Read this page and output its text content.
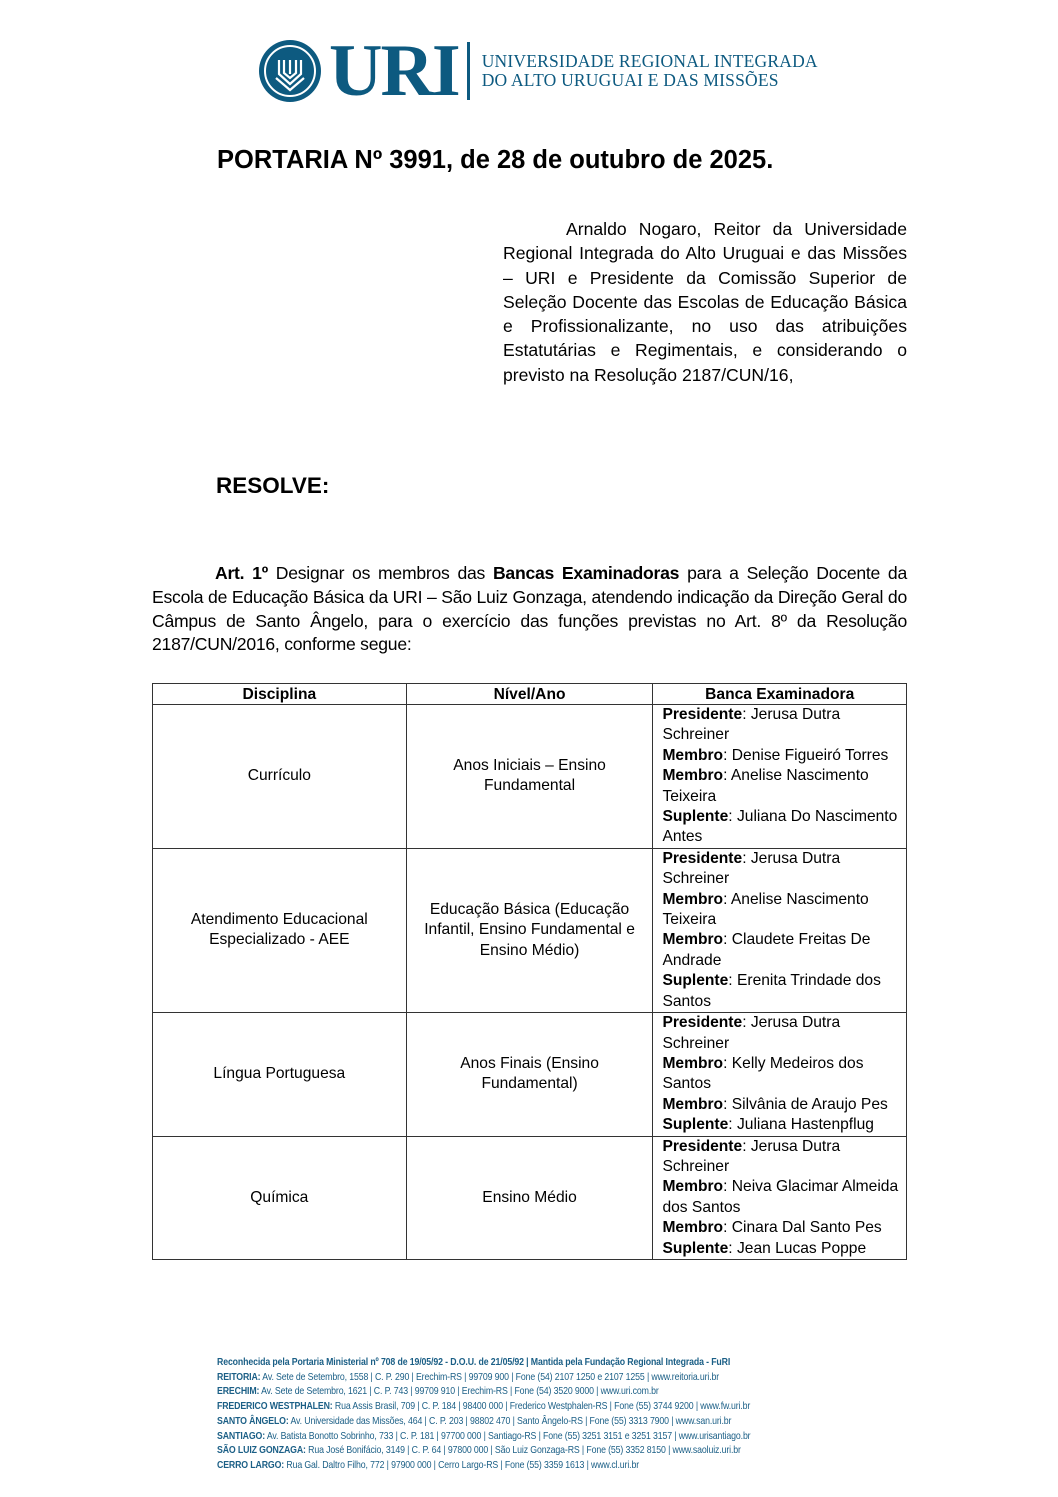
URI UNIVERSIDADE REGIONAL INTEGRADA
DO ALTO URUGUAI E DAS MISSÕES
PORTARIA Nº 3991, de 28 de outubro de 2025.
Arnaldo Nogaro, Reitor da Universidade Regional Integrada do Alto Uruguai e das Missões – URI e Presidente da Comissão Superior de Seleção Docente das Escolas de Educação Básica e Profissionalizante, no uso das atribuições Estatutárias e Regimentais, e considerando o previsto na Resolução 2187/CUN/16,
RESOLVE:
Art. 1º Designar os membros das Bancas Examinadoras para a Seleção Docente da Escola de Educação Básica da URI – São Luiz Gonzaga, atendendo indicação da Direção Geral do Câmpus de Santo Ângelo, para o exercício das funções previstas no Art. 8º da Resolução 2187/CUN/2016, conforme segue:
Disciplina	Nível/Ano	Banca Examinadora
Currículo	Anos Iniciais – Ensino Fundamental	Presidente: Jerusa Dutra Schreiner
Membro: Denise Figueiró Torres
Membro: Anelise Nascimento Teixeira
Suplente: Juliana Do Nascimento Antes

Atendimento Educacional Especializado - AEE	Educação Básica (Educação Infantil, Ensino Fundamental e Ensino Médio)	Presidente: Jerusa Dutra Schreiner
Membro: Anelise Nascimento Teixeira
Membro: Claudete Freitas De Andrade
Suplente: Erenita Trindade dos Santos

Língua Portuguesa	Anos Finais (Ensino Fundamental)	Presidente: Jerusa Dutra Schreiner
Membro: Kelly Medeiros dos Santos
Membro: Silvânia de Araujo Pes
Suplente: Juliana Hastenpflug

Química	Ensino Médio	Presidente: Jerusa Dutra Schreiner
Membro: Neiva Glacimar Almeida dos Santos
Membro: Cinara Dal Santo Pes
Suplente: Jean Lucas Poppe
Reconhecida pela Portaria Ministerial nº 708 de 19/05/92 - D.O.U. de 21/05/92 | Mantida pela Fundação Regional Integrada - FuRI
REITORIA: Av. Sete de Setembro, 1558 | C. P. 290 | Erechim-RS | 99709 900 | Fone (54) 2107 1250 e 2107 1255 | www.reitoria.uri.br
ERECHIM: Av. Sete de Setembro, 1621 | C. P. 743 | 99709 910 | Erechim-RS | Fone (54) 3520 9000 | www.uri.com.br
FREDERICO WESTPHALEN: Rua Assis Brasil, 709 | C. P. 184 | 98400 000 | Frederico Westphalen-RS | Fone (55) 3744 9200 | www.fw.uri.br
SANTO ÂNGELO: Av. Universidade das Missões, 464 | C. P. 203 | 98802 470 | Santo Ângelo-RS | Fone (55) 3313 7900 | www.san.uri.br
SANTIAGO: Av. Batista Bonotto Sobrinho, 733 | C. P. 181 | 97700 000 | Santiago-RS | Fone (55) 3251 3151 e 3251 3157 | www.urisantiago.br
SÃO LUIZ GONZAGA: Rua José Bonifácio, 3149 | C. P. 64 | 97800 000 | São Luiz Gonzaga-RS | Fone (55) 3352 8150 | www.saoluiz.uri.br
CERRO LARGO: Rua Gal. Daltro Filho, 772 | 97900 000 | Cerro Largo-RS | Fone (55) 3359 1613 | www.cl.uri.br
